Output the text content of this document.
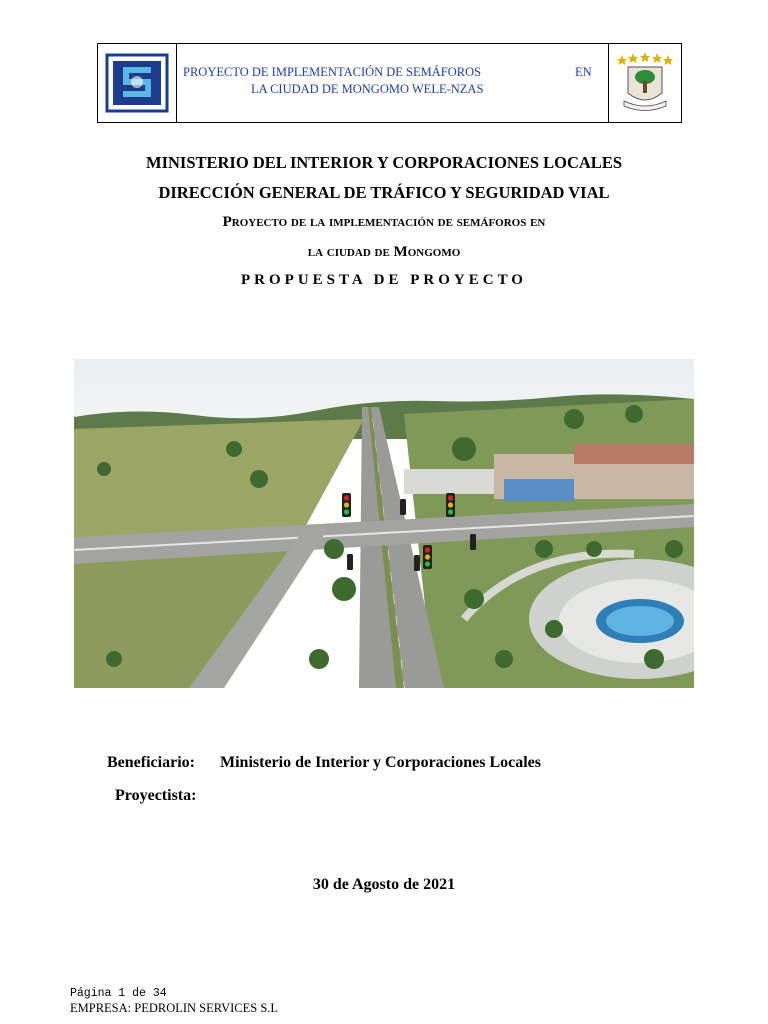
PROYECTO DE IMPLEMENTACIÓN DE SEMÁFOROS	EN
LA CIUDAD DE MONGOMO WELE-NZAS
MINISTERIO DEL INTERIOR Y CORPORACIONES LOCALES
DIRECCIÓN GENERAL DE TRÁFICO Y SEGURIDAD VIAL
Proyecto de la implementación de semáforos en
la ciudad de Mongomo
PROPUESTA DE PROYECTO
Beneficiario: Ministerio de Interior y Corporaciones Locales
Proyectista:
30 de Agosto de 2021
Página 1 de 34
EMPRESA: PEDROLIN SERVICES S.L
